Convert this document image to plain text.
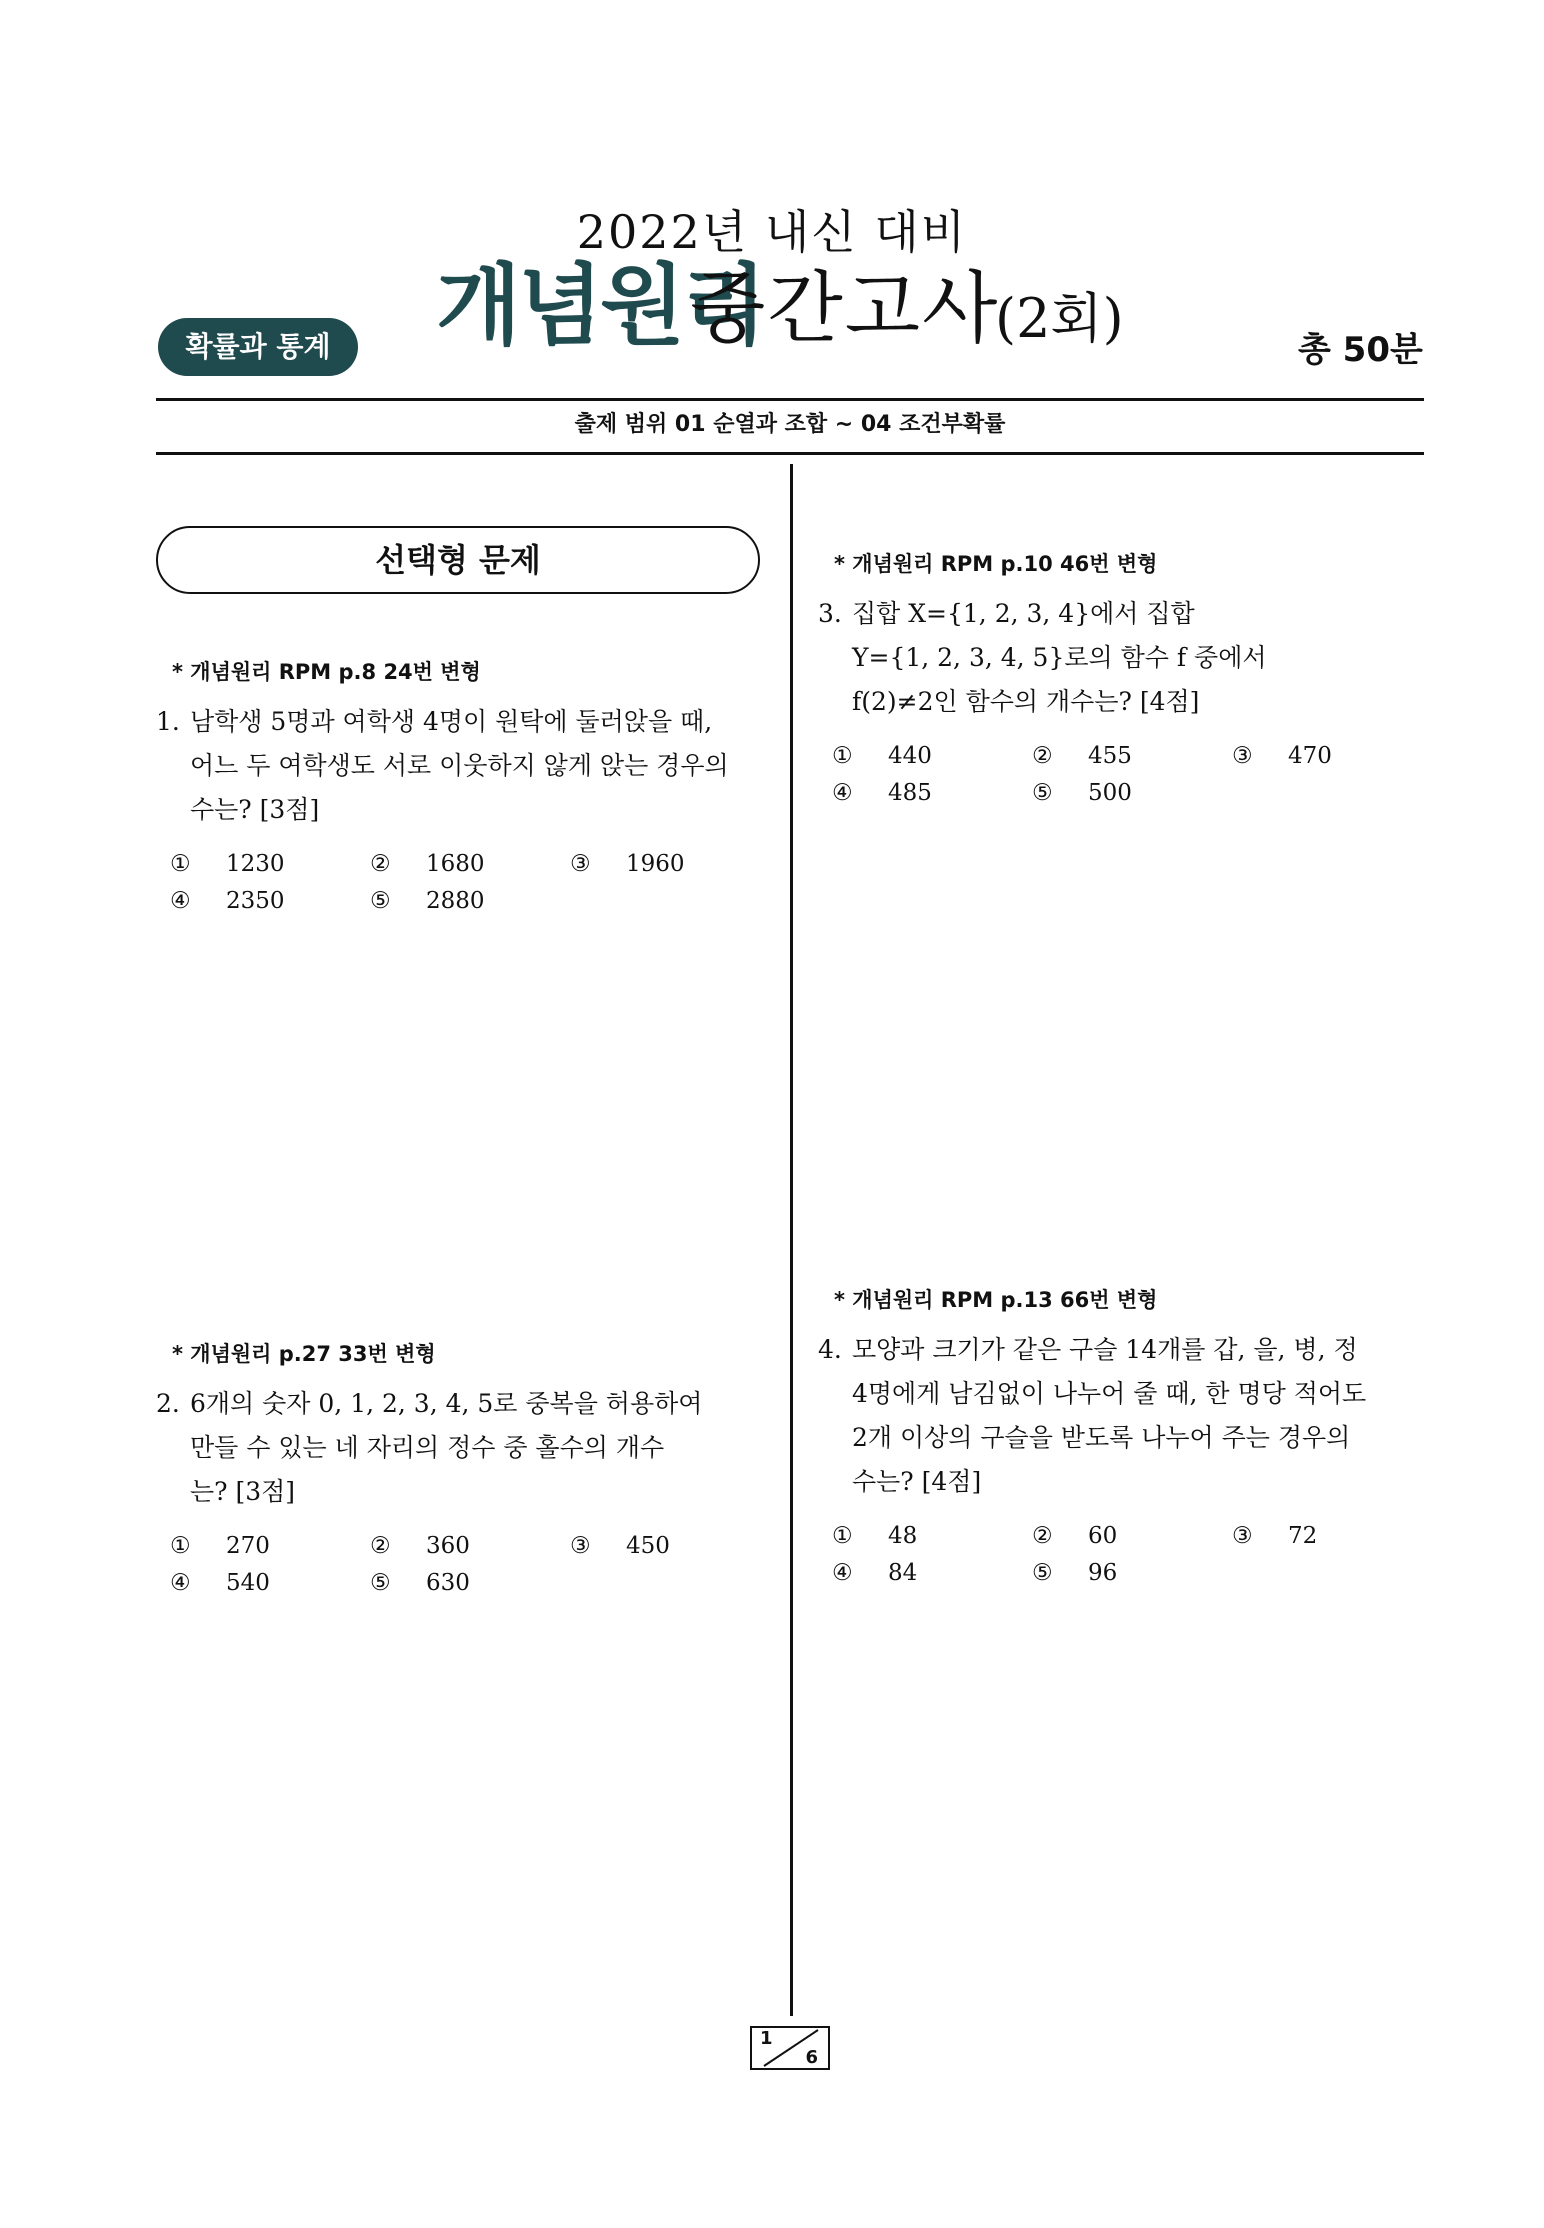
2022년 내신 대비
개념원리
중간고사
(2회)
확률과 통계	총 50분
출제 범위 01 순열과 조합 ~ 04 조건부확률
선택형 문제
* 개념원리 RPM p.8 24번 변형
1. 남학생 5명과 여학생 4명이 원탁에 둘러앉을 때,
어느 두 여학생도 서로 이웃하지 않게 앉는 경우의
수는? [3점]
①	1230	②	1680	③	1960
④	2350	⑤	2880
* 개념원리 p.27 33번 변형
2. 6개의 숫자 0, 1, 2, 3, 4, 5로 중복을 허용하여
만들 수 있는 네 자리의 정수 중 홀수의 개수
는? [3점]
①	270	②	360	③	450
④	540	⑤	630
* 개념원리 RPM p.10 46번 변형
3. 집합 X={1, 2, 3, 4}에서 집합
Y={1, 2, 3, 4, 5}로의 함수 f 중에서
f(2)≠2인 함수의 개수는? [4점]
①	440	②	455	③	470
④	485	⑤	500
* 개념원리 RPM p.13 66번 변형
4. 모양과 크기가 같은 구슬 14개를 갑, 을, 병, 정
4명에게 남김없이 나누어 줄 때, 한 명당 적어도
2개 이상의 구슬을 받도록 나누어 주는 경우의
수는? [4점]
①	48	②	60	③	72
④	84	⑤	96
1
6
